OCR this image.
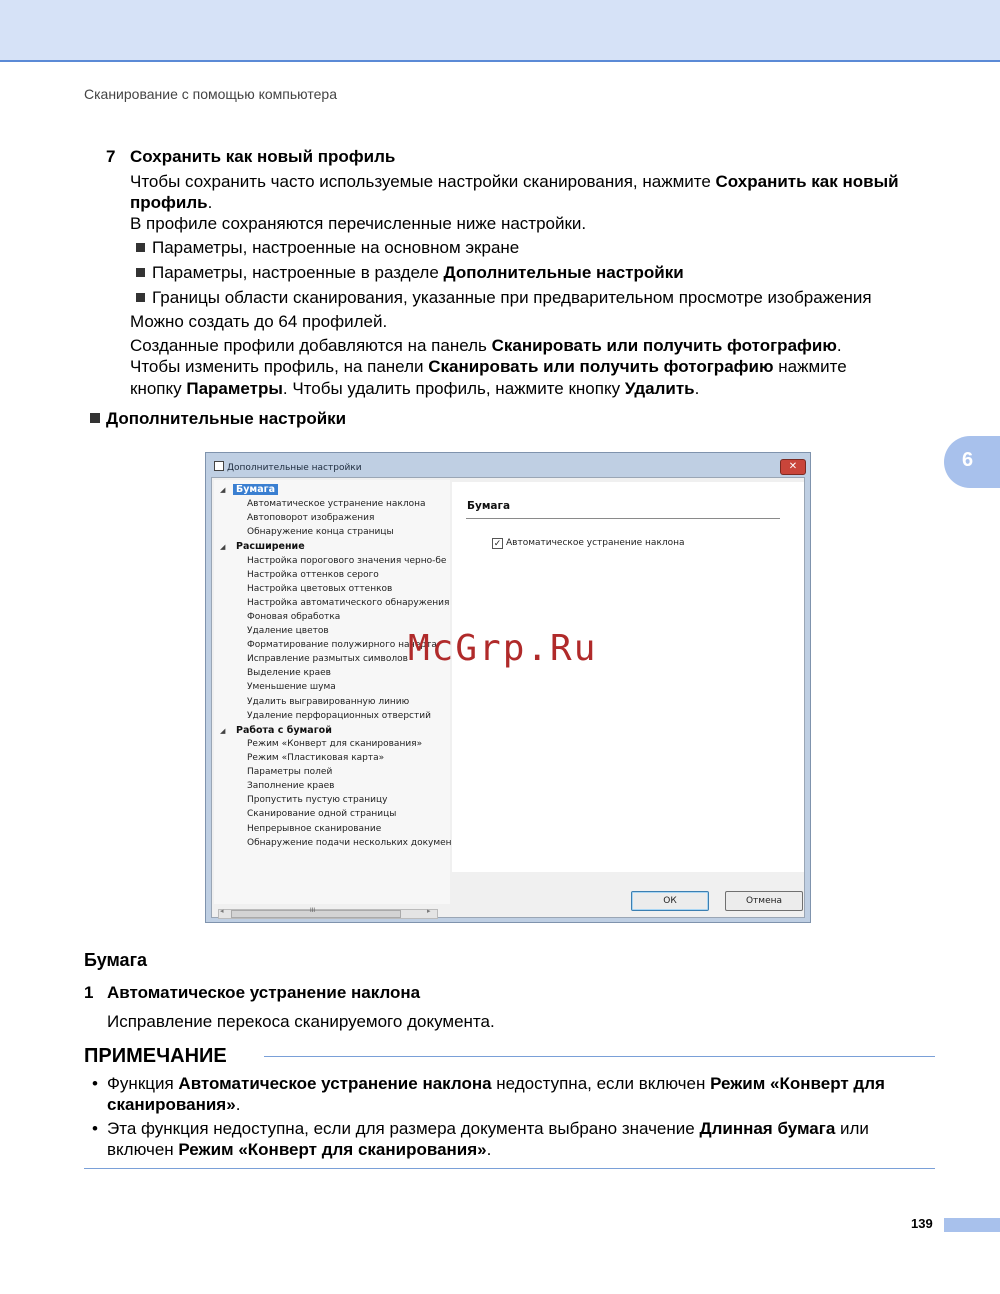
Сканирование с помощью компьютера
6
7 Сохранить как новый профиль
Чтобы сохранить часто используемые настройки сканирования, нажмите Сохранить как новый
профиль.
В профиле сохраняются перечисленные ниже настройки.
Параметры, настроенные на основном экране
Параметры, настроенные в разделе Дополнительные настройки
Границы области сканирования, указанные при предварительном просмотре изображения
Можно создать до 64 профилей.
Созданные профили добавляются на панель Сканировать или получить фотографию.
Чтобы изменить профиль, на панели Сканировать или получить фотографию нажмите
кнопку Параметры. Чтобы удалить профиль, нажмите кнопку Удалить.
Дополнительные настройки
Дополнительные настройки	✕
◢	Бумага
Автоматическое устранение наклона
Автоповорот изображения
Обнаружение конца страницы
◢ Расширение
Настройка порогового значения черно-бе
Настройка оттенков серого
Настройка цветовых оттенков
Настройка автоматического обнаружения
Фоновая обработка
Удаление цветов
Форматирование полужирного начерта
Исправление размытых символов
Выделение краев
Уменьшение шума
Удалить выгравированную линию
Удаление перфорационных отверстий
◢ Работа с бумагой
Режим «Конверт для сканирования»
Режим «Пластиковая карта»
Параметры полей
Заполнение краев
Пропустить пустую страницу
Сканирование одной страницы
Непрерывное сканирование
Обнаружение подачи нескольких докумен
III
◂	▸
Бумага
✓ Автоматическое устранение наклона
ОК	Отмена
McGrp.Ru
Бумага
1 Автоматическое устранение наклона
Исправление перекоса сканируемого документа.
ПРИМЕЧАНИЕ
• Функция Автоматическое устранение наклона недоступна, если включен Режим «Конверт для
сканирования».
• Эта функция недоступна, если для размера документа выбрано значение Длинная бумага или
включен Режим «Конверт для сканирования».
139
